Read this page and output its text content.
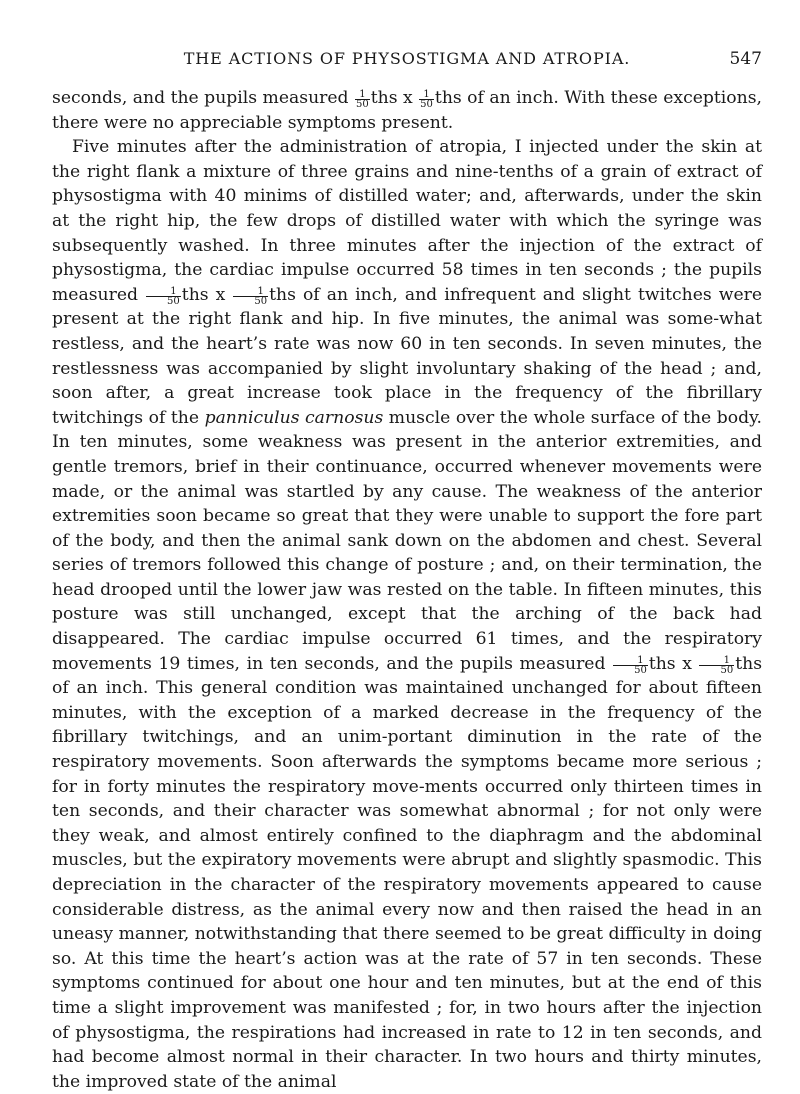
THE ACTIONS OF PHYSOSTIGMA AND ATROPIA.	547

seconds, and the pupils measured $\frac{1}{50}$ ths x $\frac{1}{50}$ ths of an inch. With these exceptions, there were no appreciable symptoms present.

Five minutes after the administration of atropia, I injected under the skin at the right flank a mixture of three grains and nine-tenths of a grain of extract of physostigma with 40 minims of distilled water; and, afterwards, under the skin at the right hip, the few drops of distilled water with which the syringe was subsequently washed. In three minutes after the injection of the extract of physostigma, the cardiac impulse occurred 58 times in ten seconds ; the pupils measured $\frac{1}{50}$ ths x $\frac{1}{50}$ ths of an inch, and infrequent and slight twitches were present at the right flank and hip. In five minutes, the animal was some-what restless, and the heart’s rate was now 60 in ten seconds. In seven minutes, the restlessness was accompanied by slight involuntary shaking of the head ; and, soon after, a great increase took place in the frequency of the fibrillary twitchings of the panniculus carnosus muscle over the whole surface of the body. In ten minutes, some weakness was present in the anterior extremities, and gentle tremors, brief in their continuance, occurred whenever movements were made, or the animal was startled by any cause. The weakness of the anterior extremities soon became so great that they were unable to support the fore part of the body, and then the animal sank down on the abdomen and chest. Several series of tremors followed this change of posture ; and, on their termination, the head drooped until the lower jaw was rested on the table. In fifteen minutes, this posture was still unchanged, except that the arching of the back had disappeared. The cardiac impulse occurred 61 times, and the respiratory movements 19 times, in ten seconds, and the pupils measured $\frac{1}{50}$ ths x $\frac{1}{50}$ ths of an inch. This general condition was maintained unchanged for about fifteen minutes, with the exception of a marked decrease in the frequency of the fibrillary twitchings, and an unim-portant diminution in the rate of the respiratory movements. Soon afterwards the symptoms became more serious ; for in forty minutes the respiratory move-ments occurred only thirteen times in ten seconds, and their character was somewhat abnormal ; for not only were they weak, and almost entirely confined to the diaphragm and the abdominal muscles, but the expiratory movements were abrupt and slightly spasmodic. This depreciation in the character of the respiratory movements appeared to cause considerable distress, as the animal every now and then raised the head in an uneasy manner, notwithstanding that there seemed to be great difficulty in doing so. At this time the heart’s action was at the rate of 57 in ten seconds. These symptoms continued for about one hour and ten minutes, but at the end of this time a slight improvement was manifested ; for, in two hours after the injection of physostigma, the respirations had increased in rate to 12 in ten seconds, and had become almost normal in their character. In two hours and thirty minutes, the improved state of the animal
